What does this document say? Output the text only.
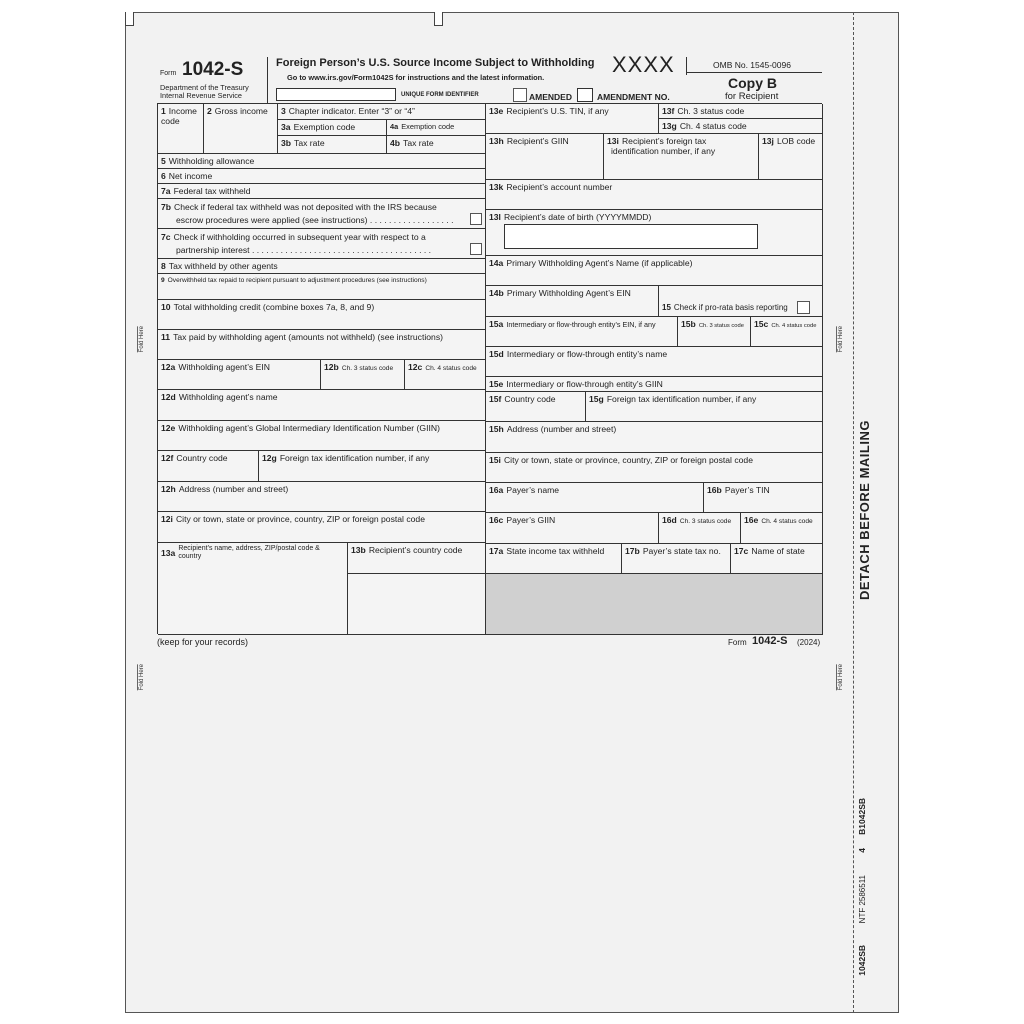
Form 1042-S
Department of the Treasury
Internal Revenue Service
Foreign Person’s U.S. Source Income Subject to Withholding
Go to www.irs.gov/Form1042S for instructions and the latest information.
XXXX	OMB No. 1545-0096
Copy B
for Recipient
UNIQUE FORM IDENTIFIER	AMENDED	AMENDMENT NO.
1 Income code
2 Gross income	3 Chapter indicator. Enter “3” or “4”
3a Exemption code	4a Exemption code
3b Tax rate	4b Tax rate
5 Withholding allowance
6 Net income
7a Federal tax withheld
7b Check if federal tax withheld was not deposited with the IRS because
escrow procedures were applied (see instructions) . . . . . . . . . . . . . . . . . .
7c Check if withholding occurred in subsequent year with respect to a
partnership interest . . . . . . . . . . . . . . . . . . . . . . . . . . . . . . . . . . . . . .
8 Tax withheld by other agents
9 Overwithheld tax repaid to recipient pursuant to adjustment procedures (see instructions)
10 Total withholding credit (combine boxes 7a, 8, and 9)
11 Tax paid by withholding agent (amounts not withheld) (see instructions)
12a Withholding agent’s EIN	12b Ch. 3 status code	12c Ch. 4 status code
12d Withholding agent’s name
12e Withholding agent’s Global Intermediary Identification Number (GIIN)
12f Country code	12g Foreign tax identification number, if any
12h Address (number and street)
12i City or town, state or province, country, ZIP or foreign postal code
13a Recipient’s name, address, ZIP/postal code & country
13b Recipient’s country code
13e Recipient’s U.S. TIN, if any	13f Ch. 3 status code
13g Ch. 4 status code
13h Recipient’s GIIN	13i Recipient’s foreign tax identification number, if any
13j LOB code
13k Recipient’s account number
13l Recipient’s date of birth (YYYYMMDD)
14a Primary Withholding Agent’s Name (if applicable)
14b Primary Withholding Agent’s EIN
15 Check if pro-rata basis reporting
15a Intermediary or flow-through entity’s EIN, if any	15b Ch. 3 status code	15c Ch. 4 status code
15d Intermediary or flow-through entity’s name
15e Intermediary or flow-through entity’s GIIN
15f Country code	15g Foreign tax identification number, if any
15h Address (number and street)
15i City or town, state or province, country, ZIP or foreign postal code
16a Payer’s name	16b Payer’s TIN
16c Payer’s GIIN	16d Ch. 3 status code	16e Ch. 4 status code
17a State income tax withheld	17b Payer’s state tax no.	17c Name of state
(keep for your records)	Form 1042-S (2024)
Fold Here
Fold Here
Fold Here
Fold Here
DETACH BEFORE MAILING
B1042SB
4
NTF 2586511
1042SB
